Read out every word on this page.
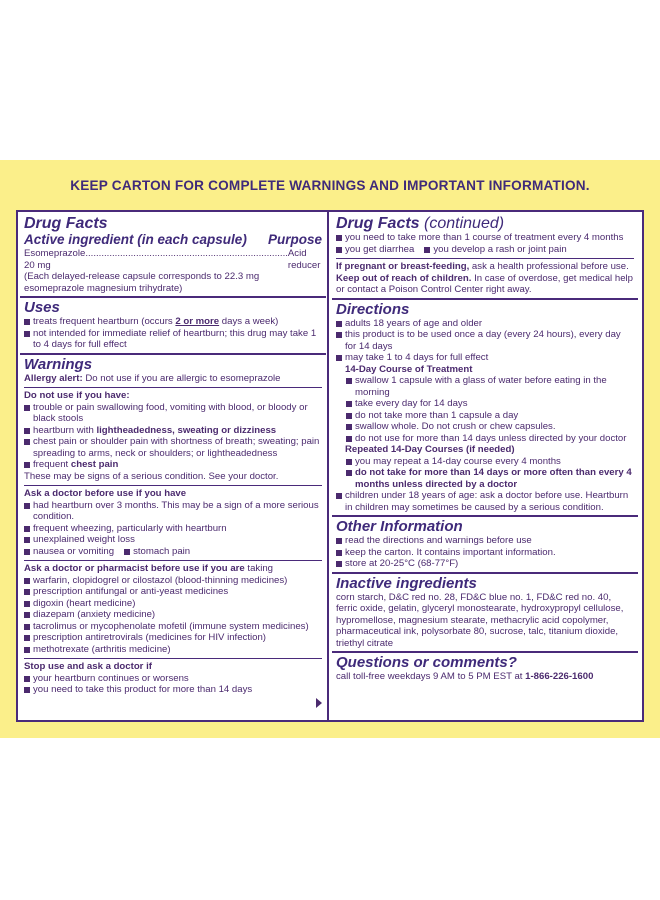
KEEP CARTON FOR COMPLETE WARNINGS AND IMPORTANT INFORMATION.
Drug Facts
Active ingredient (in each capsule) Purpose
Esomeprazole 20 mg
............................................................................ Acid reducer
(Each delayed-release capsule corresponds to 22.3 mg esomeprazole magnesium trihydrate)
Uses
treats frequent heartburn (occurs 2 or more days a week)
not intended for immediate relief of heartburn; this drug may take 1 to 4 days for full effect
Warnings
Allergy alert: Do not use if you are allergic to esomeprazole
Do not use if you have:
trouble or pain swallowing food, vomiting with blood, or bloody or black stools
heartburn with lightheadedness, sweating or dizziness
chest pain or shoulder pain with shortness of breath; sweating; pain spreading to arms, neck or shoulders; or lightheadedness
frequent chest pain
These may be signs of a serious condition. See your doctor.
Ask a doctor before use if you have
had heartburn over 3 months. This may be a sign of a more serious condition.
frequent wheezing, particularly with heartburn
unexplained weight loss
nausea or vomiting	stomach pain
Ask a doctor or pharmacist before use if you are taking
warfarin, clopidogrel or cilostazol (blood-thinning medicines)
prescription antifungal or anti-yeast medicines
digoxin (heart medicine)
diazepam (anxiety medicine)
tacrolimus or mycophenolate mofetil (immune system medicines)
prescription antiretrovirals (medicines for HIV infection)
methotrexate (arthritis medicine)
Stop use and ask a doctor if
your heartburn continues or worsens
you need to take this product for more than 14 days
Drug Facts (continued)
you need to take more than 1 course of treatment every 4 months
you get diarrhea	you develop a rash or joint pain
If pregnant or breast-feeding, ask a health professional before use.
Keep out of reach of children. In case of overdose, get medical help or contact a Poison Control Center right away.
Directions
adults 18 years of age and older
this product is to be used once a day (every 24 hours), every day for 14 days
may take 1 to 4 days for full effect
14-Day Course of Treatment
swallow 1 capsule with a glass of water before eating in the morning
take every day for 14 days
do not take more than 1 capsule a day
swallow whole. Do not crush or chew capsules.
do not use for more than 14 days unless directed by your doctor
Repeated 14-Day Courses (if needed)
you may repeat a 14-day course every 4 months
do not take for more than 14 days or more often than every 4 months unless directed by a doctor
children under 18 years of age: ask a doctor before use. Heartburn in children may sometimes be caused by a serious condition.
Other Information
read the directions and warnings before use
keep the carton. It contains important information.
store at 20-25°C (68-77°F)
Inactive ingredients
corn starch, D&C red no. 28, FD&C blue no. 1, FD&C red no. 40, ferric oxide, gelatin, glyceryl monostearate, hydroxypropyl cellulose, hypromellose, magnesium stearate, methacrylic acid copolymer, pharmaceutical ink, polysorbate 80, sucrose, talc, titanium dioxide, triethyl citrate
Questions or comments?
call toll-free weekdays 9 AM to 5 PM EST at 1-866-226-1600
